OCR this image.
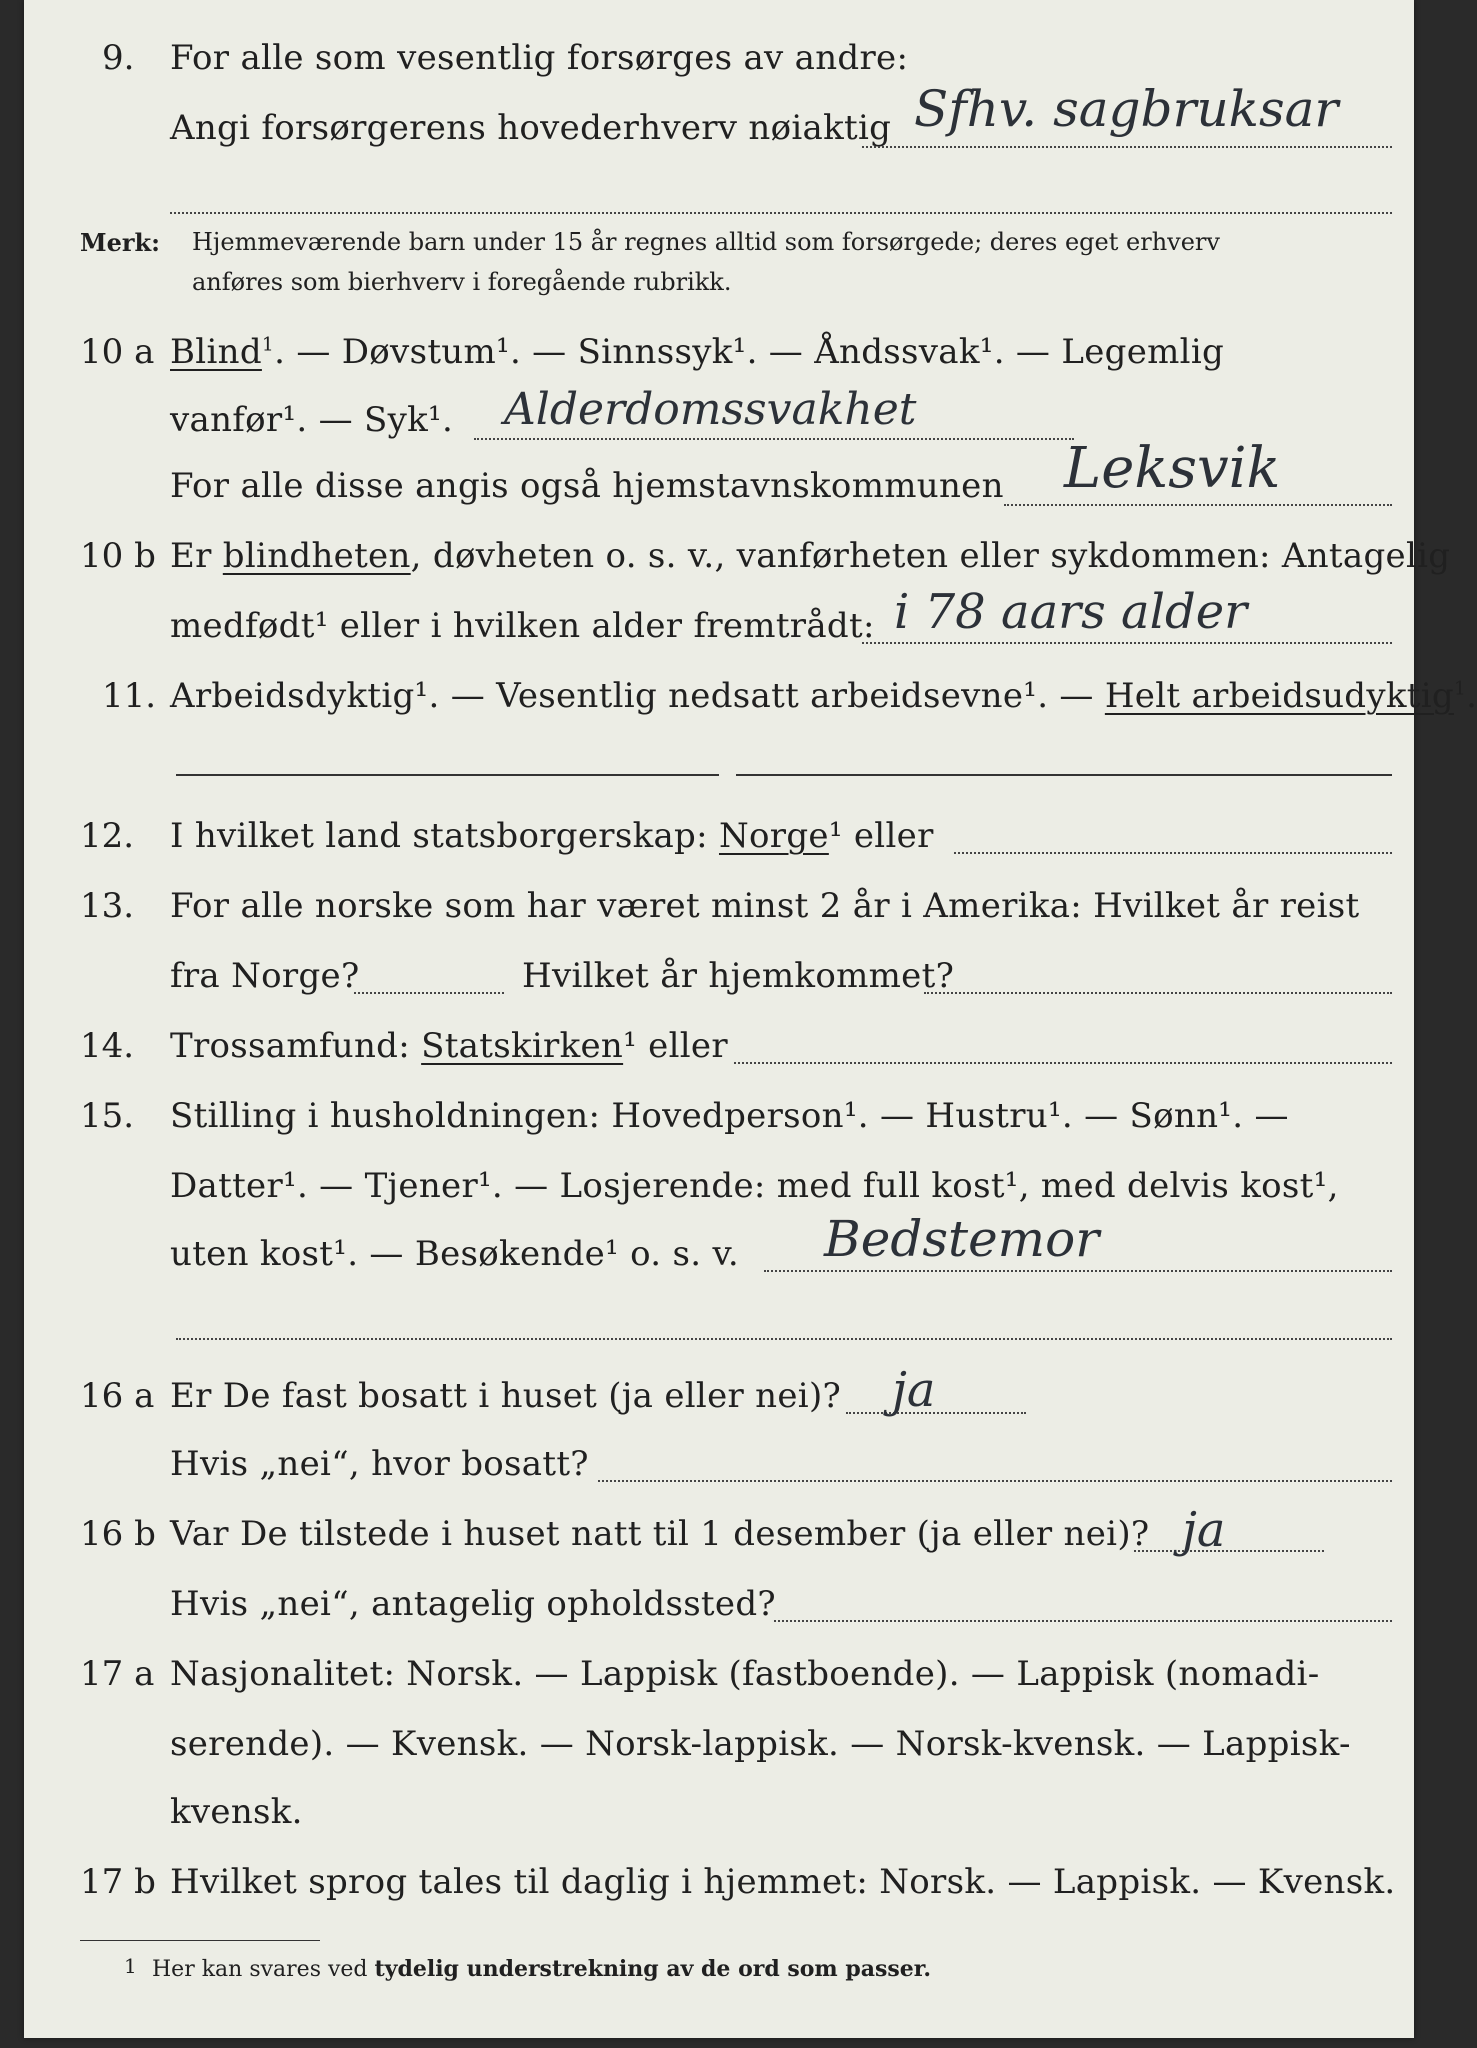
9. For alle som vesentlig forsørges av andre:
Angi forsørgerens hovederhverv nøiaktig Sfhv. sagbruksar
Merk: Hjemmeværende barn under 15 år regnes alltid som forsørgede; deres eget erhverv
anføres som bierhverv i foregående rubrikk.
10 a Blind$^1$. — Døvstum¹. — Sinnssyk¹. — Åndssvak¹. — Legemlig
vanfør¹. — Syk¹. Alderdomssvakhet
For alle disse angis også hjemstavnskommunen Leksvik
10 b Er blindheten, døvheten o. s. v., vanførheten eller sykdommen: Antagelig
medfødt¹ eller i hvilken alder fremtrådt: i 78 aars alder
11. Arbeidsdyktig¹. — Vesentlig nedsatt arbeidsevne¹. — Helt arbeidsudyktig$^1$.
12. I hvilket land statsborgerskap: Norge¹ eller
13. For alle norske som har været minst 2 år i Amerika: Hvilket år reist
fra Norge?	Hvilket år hjemkommet?
14. Trossamfund: Statskirken¹ eller
15. Stilling i husholdningen: Hovedperson¹. — Hustru¹. — Sønn¹. —
Datter¹. — Tjener¹. — Losjerende: med full kost¹, med delvis kost¹,
uten kost¹. — Besøkende¹ o. s. v. Bedstemor
16 a Er De fast bosatt i huset (ja eller nei)? ja
Hvis „nei“, hvor bosatt?
16 b Var De tilstede i huset natt til 1 desember (ja eller nei)? ja
Hvis „nei“, antagelig opholdssted?
17 a Nasjonalitet: Norsk. — Lappisk (fastboende). — Lappisk (nomadi-
serende). — Kvensk. — Norsk-lappisk. — Norsk-kvensk. — Lappisk-
kvensk.
17 b Hvilket sprog tales til daglig i hjemmet: Norsk. — Lappisk. — Kvensk.
1 Her kan svares ved tydelig understrekning av de ord som passer.
